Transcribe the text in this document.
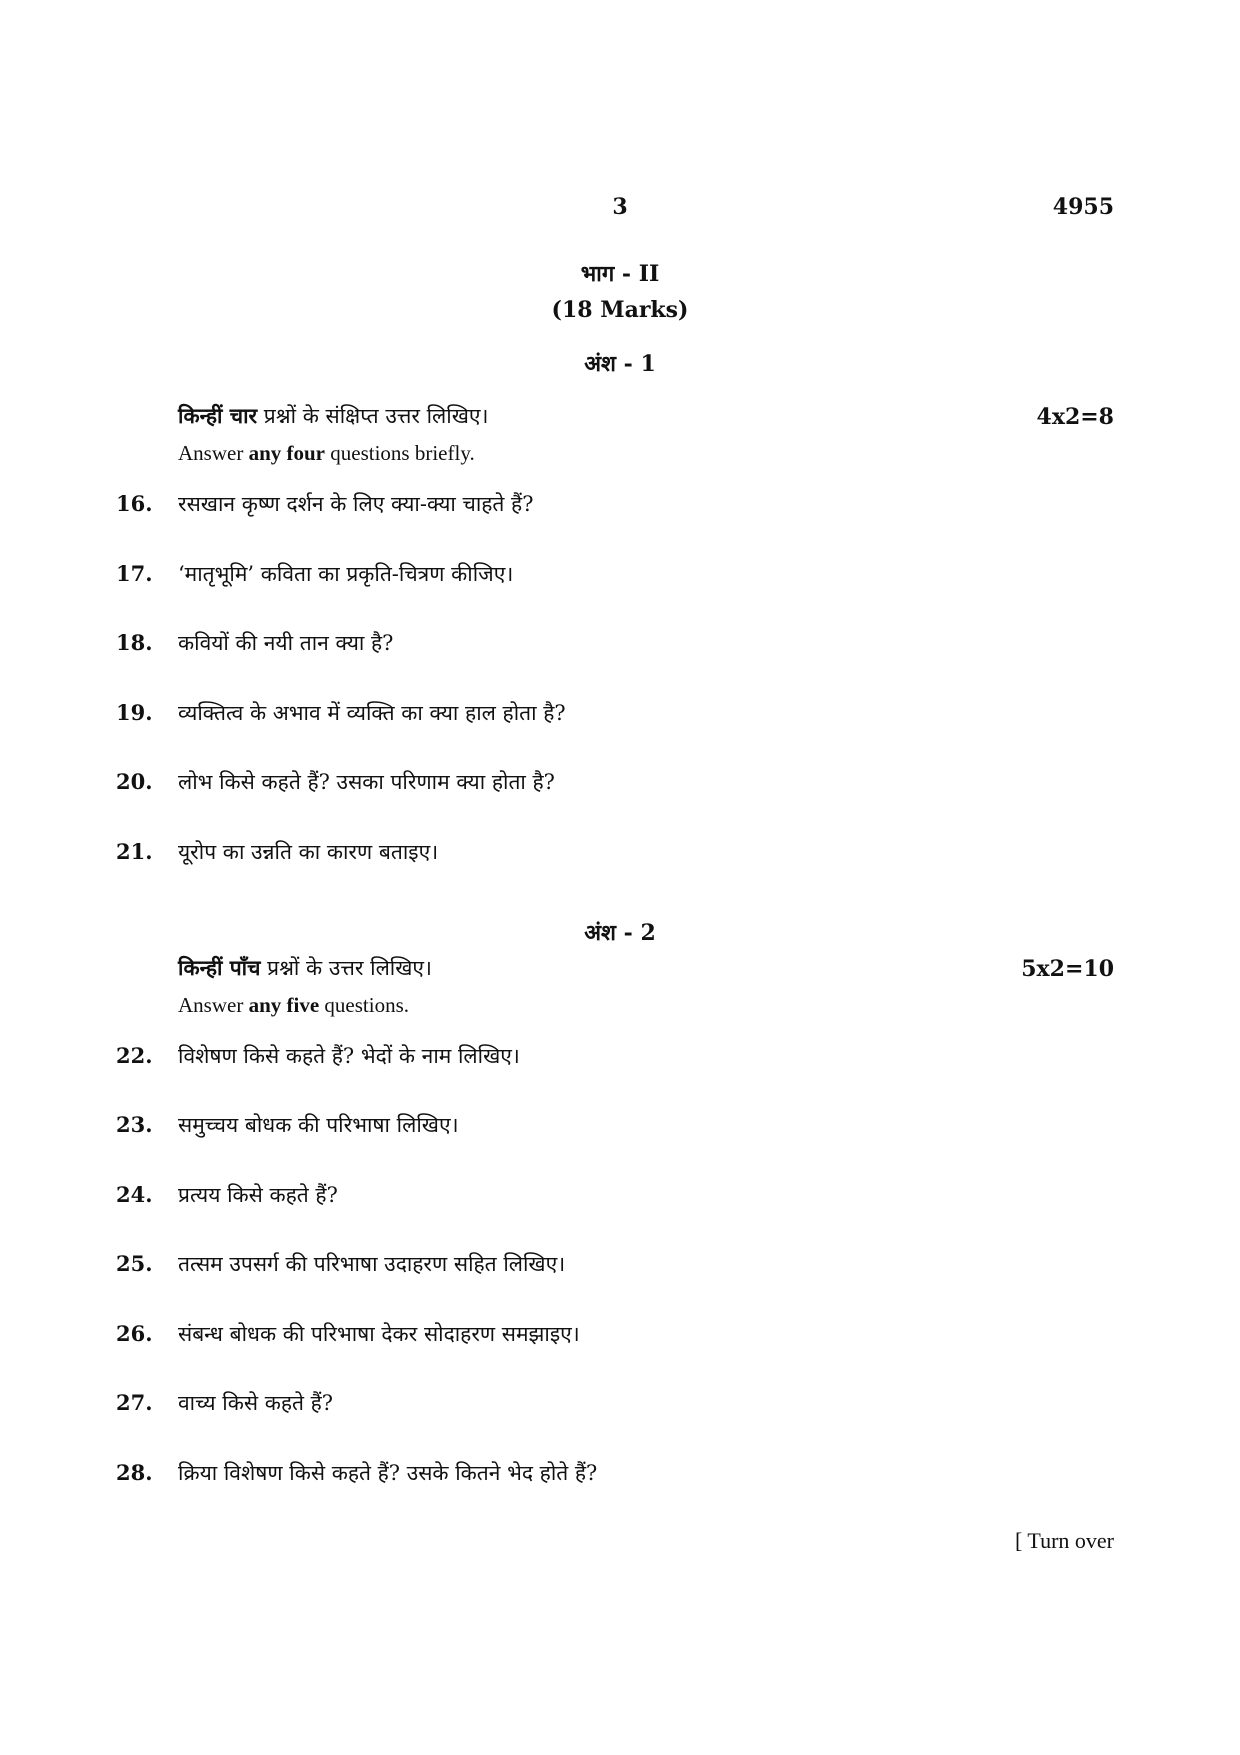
3	4955
भाग - II
(18 Marks)
अंश - 1
किन्हीं चार प्रश्नों के संक्षिप्त उत्तर लिखिए।	4x2=8
Answer any four questions briefly.
16. रसखान कृष्ण दर्शन के लिए क्या-क्या चाहते हैं?
17. ‘मातृभूमि’ कविता का प्रकृति-चित्रण कीजिए।
18. कवियों की नयी तान क्या है?
19. व्यक्तित्व के अभाव में व्यक्ति का क्या हाल होता है?
20. लोभ किसे कहते हैं? उसका परिणाम क्या होता है?
21. यूरोप का उन्नति का कारण बताइए।
अंश - 2
किन्हीं पाँच प्रश्नों के उत्तर लिखिए।	5x2=10
Answer any five questions.
22. विशेषण किसे कहते हैं? भेदों के नाम लिखिए।
23. समुच्चय बोधक की परिभाषा लिखिए।
24. प्रत्यय किसे कहते हैं?
25. तत्सम उपसर्ग की परिभाषा उदाहरण सहित लिखिए।
26. संबन्ध बोधक की परिभाषा देकर सोदाहरण समझाइए।
27. वाच्य किसे कहते हैं?
28. क्रिया विशेषण किसे कहते हैं? उसके कितने भेद होते हैं?
[ Turn over
